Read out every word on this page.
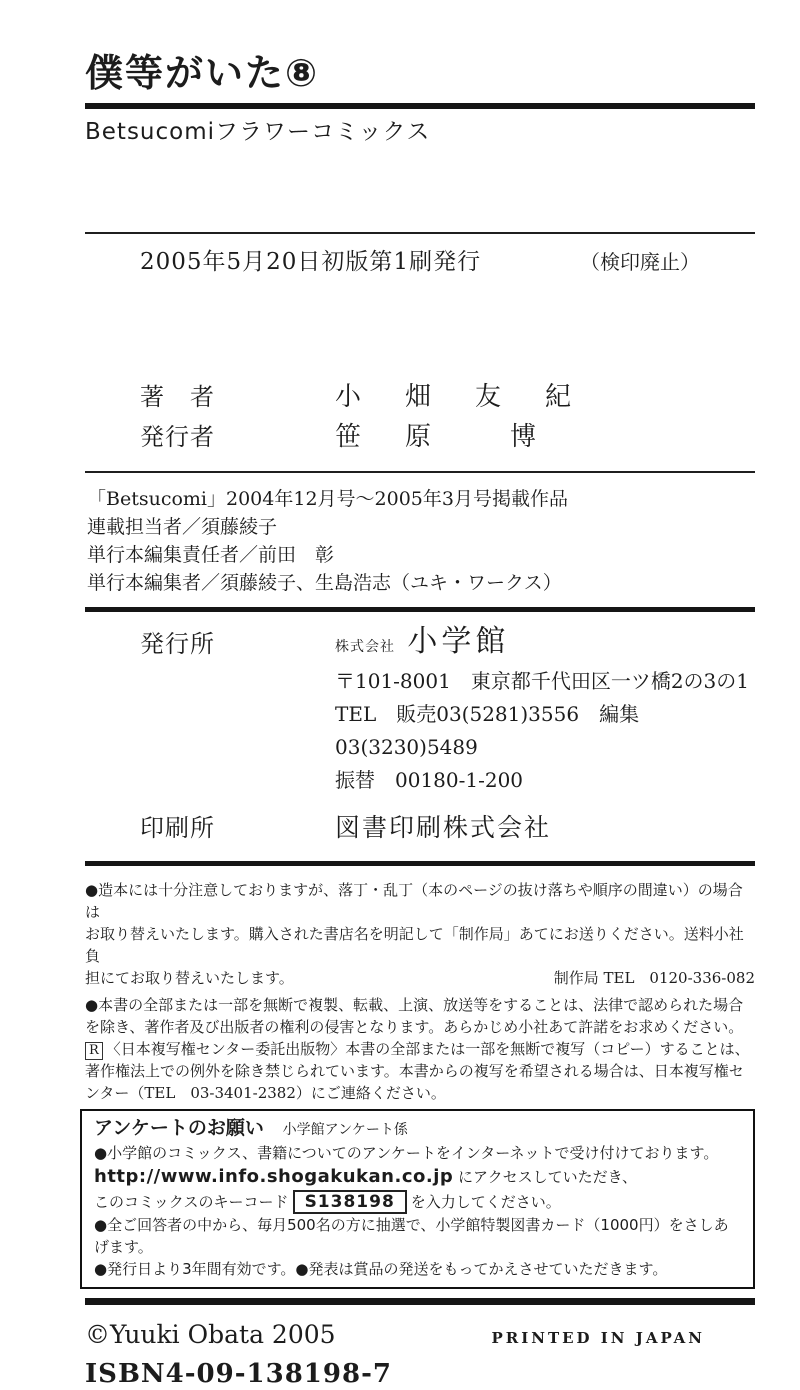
僕等がいた⑧
Betsucomiフラワーコミックス
2005年5月20日初版第1刷発行	（検印廃止）
著　者	小　畑　友　紀
発行者	笹　原　　博
「Betsucomi」2004年12月号～2005年3月号掲載作品
連載担当者／須藤綾子
単行本編集責任者／前田　彰
単行本編集者／須藤綾子、生島浩志（ユキ・ワークス）
発行所	株式会社 小学館
〒101-8001　東京都千代田区一ツ橋2の3の1
TEL　販売03(5281)3556　編集03(3230)5489
振替　00180-1-200
印刷所	図書印刷株式会社
●造本には十分注意しておりますが、落丁・乱丁（本のページの抜け落ちや順序の間違い）の場合は
お取り替えいたします。購入された書店名を明記して「制作局」あてにお送りください。送料小社負
担にてお取り替えいたします。	制作局 TEL　0120-336-082
●本書の全部または一部を無断で複製、転載、上演、放送等をすることは、法律で認められた場合
を除き、著作者及び出版者の権利の侵害となります。あらかじめ小社あて許諾をお求めください。
R 〈日本複写権センター委託出版物〉本書の全部または一部を無断で複写（コピー）することは、
著作権法上での例外を除き禁じられています。本書からの複写を希望される場合は、日本複写権セ
ンター（TEL　03-3401-2382）にご連絡ください。
アンケートのお願い 小学館アンケート係
●小学館のコミックス、書籍についてのアンケートをインターネットで受け付けております。
http://www.info.shogakukan.co.jp にアクセスしていただき、
このコミックスのキーコード S138198 を入力してください。
●全ご回答者の中から、毎月500名の方に抽選で、小学館特製図書カード（1000円）をさしあげます。
●発行日より3年間有効です。●発表は賞品の発送をもってかえさせていただきます。
©Yuuki Obata 2005	PRINTED IN JAPAN
ISBN4-09-138198-7
